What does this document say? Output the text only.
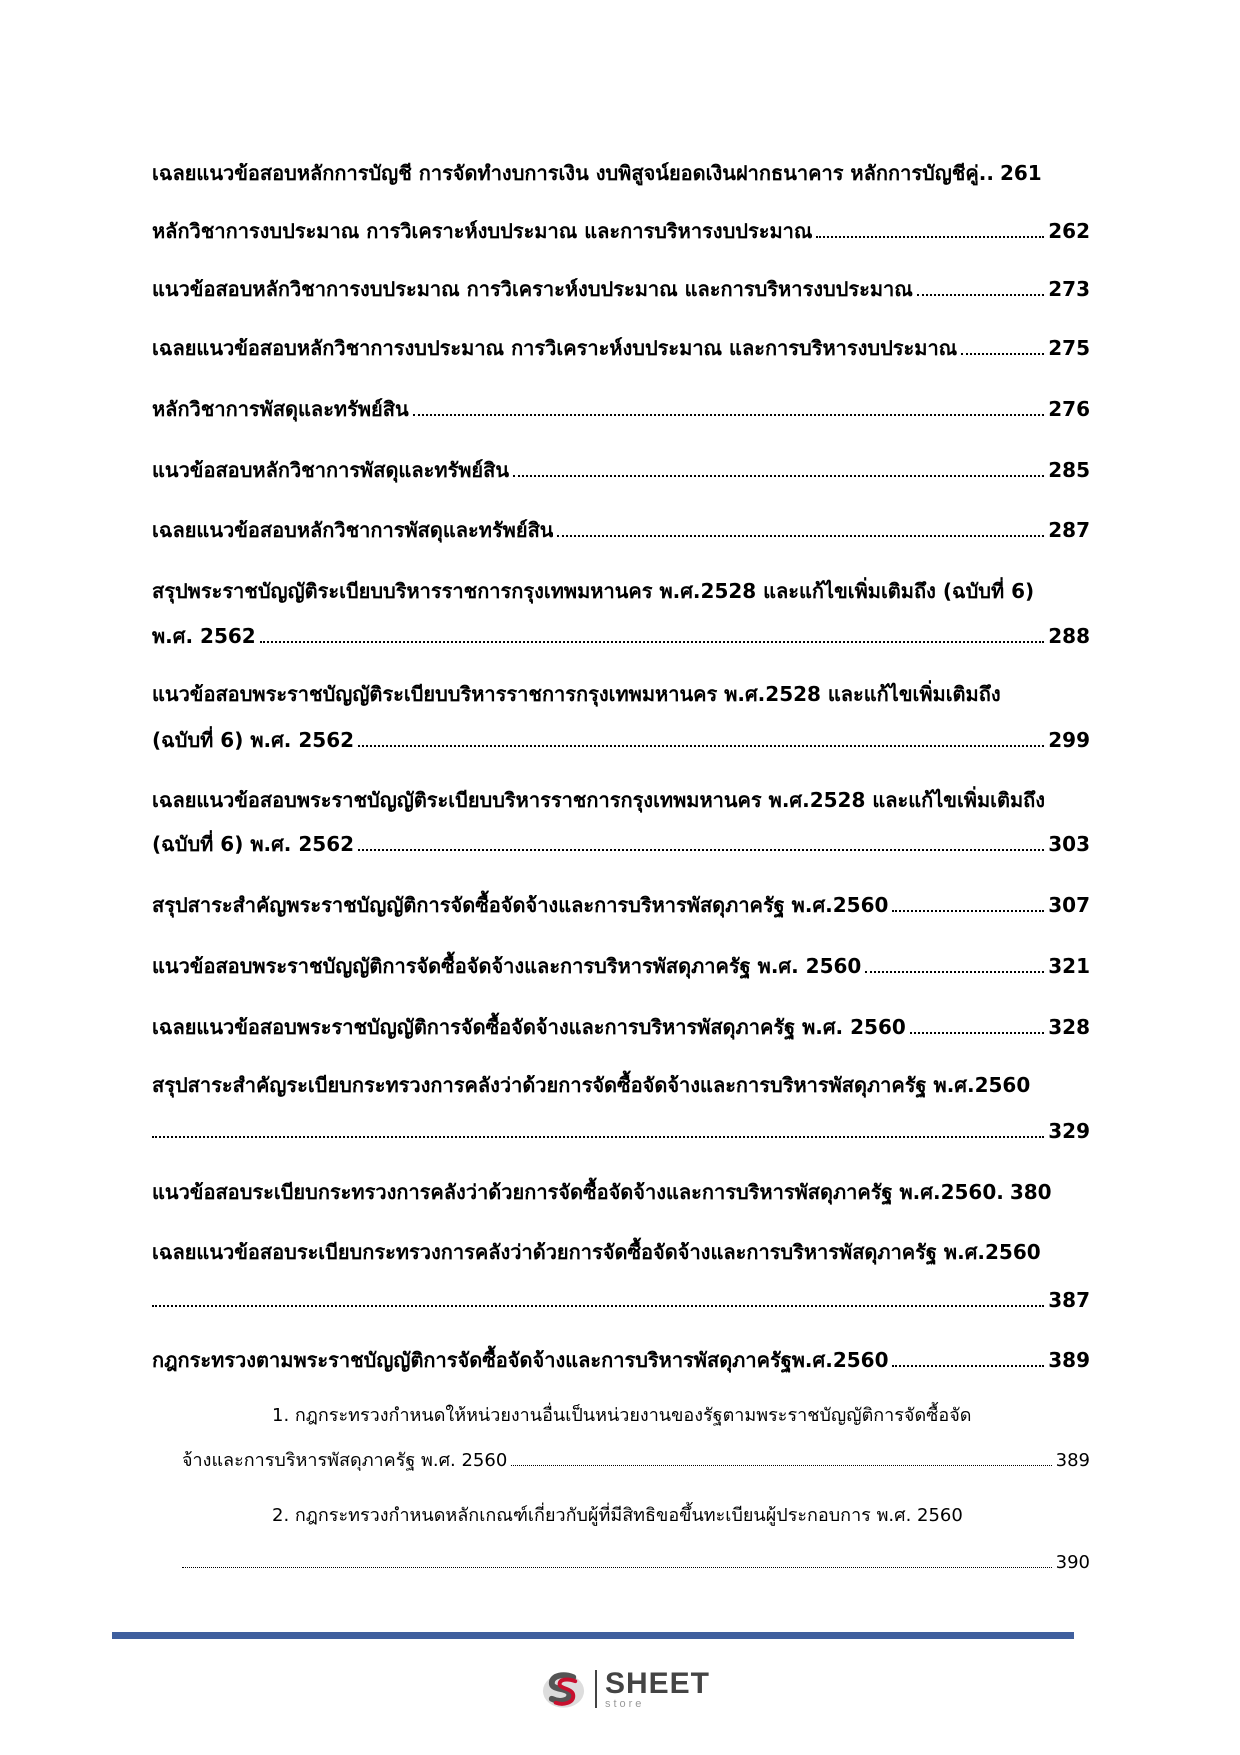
เฉลยแนวข้อสอบหลักการบัญชี การจัดทำงบการเงิน งบพิสูจน์ยอดเงินฝากธนาคาร หลักการบัญชีคู่.. 261
หลักวิชาการงบประมาณ การวิเคราะห์งบประมาณ และการบริหารงบประมาณ	262
แนวข้อสอบหลักวิชาการงบประมาณ การวิเคราะห์งบประมาณ และการบริหารงบประมาณ	273
เฉลยแนวข้อสอบหลักวิชาการงบประมาณ การวิเคราะห์งบประมาณ และการบริหารงบประมาณ	275
หลักวิชาการพัสดุและทรัพย์สิน	276
แนวข้อสอบหลักวิชาการพัสดุและทรัพย์สิน	285
เฉลยแนวข้อสอบหลักวิชาการพัสดุและทรัพย์สิน	287
สรุปพระราชบัญญัติระเบียบบริหารราชการกรุงเทพมหานคร พ.ศ.2528 และแก้ไขเพิ่มเติมถึง (ฉบับที่ 6)
พ.ศ. 2562	288
แนวข้อสอบพระราชบัญญัติระเบียบบริหารราชการกรุงเทพมหานคร พ.ศ.2528 และแก้ไขเพิ่มเติมถึง
(ฉบับที่ 6) พ.ศ. 2562	299
เฉลยแนวข้อสอบพระราชบัญญัติระเบียบบริหารราชการกรุงเทพมหานคร พ.ศ.2528 และแก้ไขเพิ่มเติมถึง
(ฉบับที่ 6) พ.ศ. 2562	303
สรุปสาระสำคัญพระราชบัญญัติการจัดซื้อจัดจ้างและการบริหารพัสดุภาครัฐ พ.ศ.2560	307
แนวข้อสอบพระราชบัญญัติการจัดซื้อจัดจ้างและการบริหารพัสดุภาครัฐ พ.ศ. 2560	321
เฉลยแนวข้อสอบพระราชบัญญัติการจัดซื้อจัดจ้างและการบริหารพัสดุภาครัฐ พ.ศ. 2560	328
สรุปสาระสำคัญระเบียบกระทรวงการคลังว่าด้วยการจัดซื้อจัดจ้างและการบริหารพัสดุภาครัฐ พ.ศ.2560
329
แนวข้อสอบระเบียบกระทรวงการคลังว่าด้วยการจัดซื้อจัดจ้างและการบริหารพัสดุภาครัฐ พ.ศ.2560. 380
เฉลยแนวข้อสอบระเบียบกระทรวงการคลังว่าด้วยการจัดซื้อจัดจ้างและการบริหารพัสดุภาครัฐ พ.ศ.2560
387
กฎกระทรวงตามพระราชบัญญัติการจัดซื้อจัดจ้างและการบริหารพัสดุภาครัฐพ.ศ.2560	389
1. กฎกระทรวงกำหนดให้หน่วยงานอื่นเป็นหน่วยงานของรัฐตามพระราชบัญญัติการจัดซื้อจัด
จ้างและการบริหารพัสดุภาครัฐ พ.ศ. 2560	389
2. กฎกระทรวงกำหนดหลักเกณฑ์เกี่ยวกับผู้ที่มีสิทธิขอขึ้นทะเบียนผู้ประกอบการ พ.ศ. 2560
390
SHEET
store
